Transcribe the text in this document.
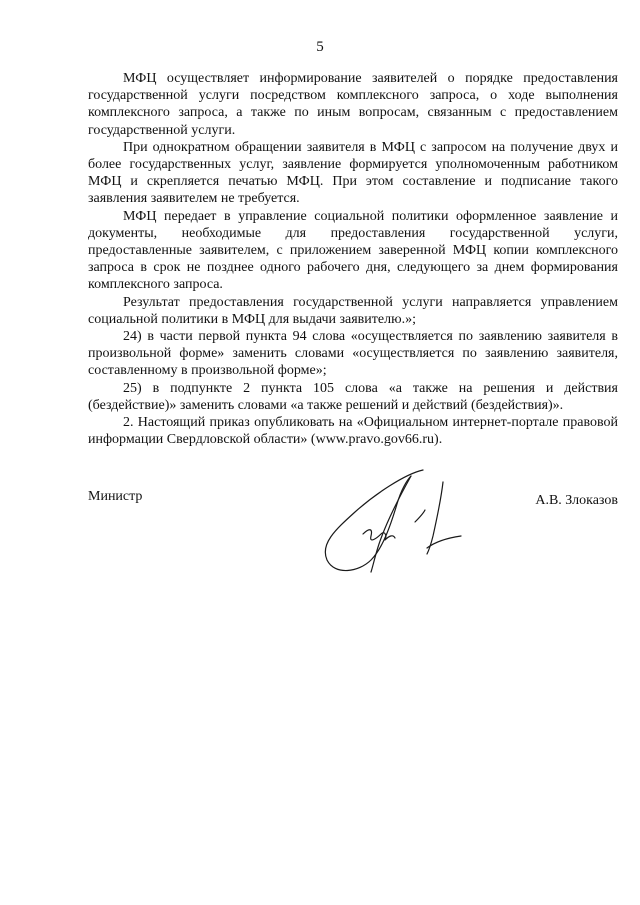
5

МФЦ осуществляет информирование заявителей о порядке предоставления государственной услуги посредством комплексного запроса, о ходе выполнения комплексного запроса, а также по иным вопросам, связанным с предоставлением государственной услуги.

При однократном обращении заявителя в МФЦ с запросом на получение двух и более государственных услуг, заявление формируется уполномоченным работником МФЦ и скрепляется печатью МФЦ. При этом составление и подписание такого заявления заявителем не требуется.

МФЦ передает в управление социальной политики оформленное заявление и документы, необходимые для предоставления государственной услуги, предоставленные заявителем, с приложением заверенной МФЦ копии комплексного запроса в срок не позднее одного рабочего дня, следующего за днем формирования комплексного запроса.

Результат предоставления государственной услуги направляется управлением социальной политики в МФЦ для выдачи заявителю.»;

24) в части первой пункта 94 слова «осуществляется по заявлению заявителя в произвольной форме» заменить словами «осуществляется по заявлению заявителя, составленному в произвольной форме»;

25) в подпункте 2 пункта 105 слова «а также на решения и действия (бездействие)» заменить словами «а также решений и действий (бездействия)».

2. Настоящий приказ опубликовать на «Официальном интернет-портале правовой информации Свердловской области» (www.pravo.gov66.ru).

Министр	А.В. Злоказов
